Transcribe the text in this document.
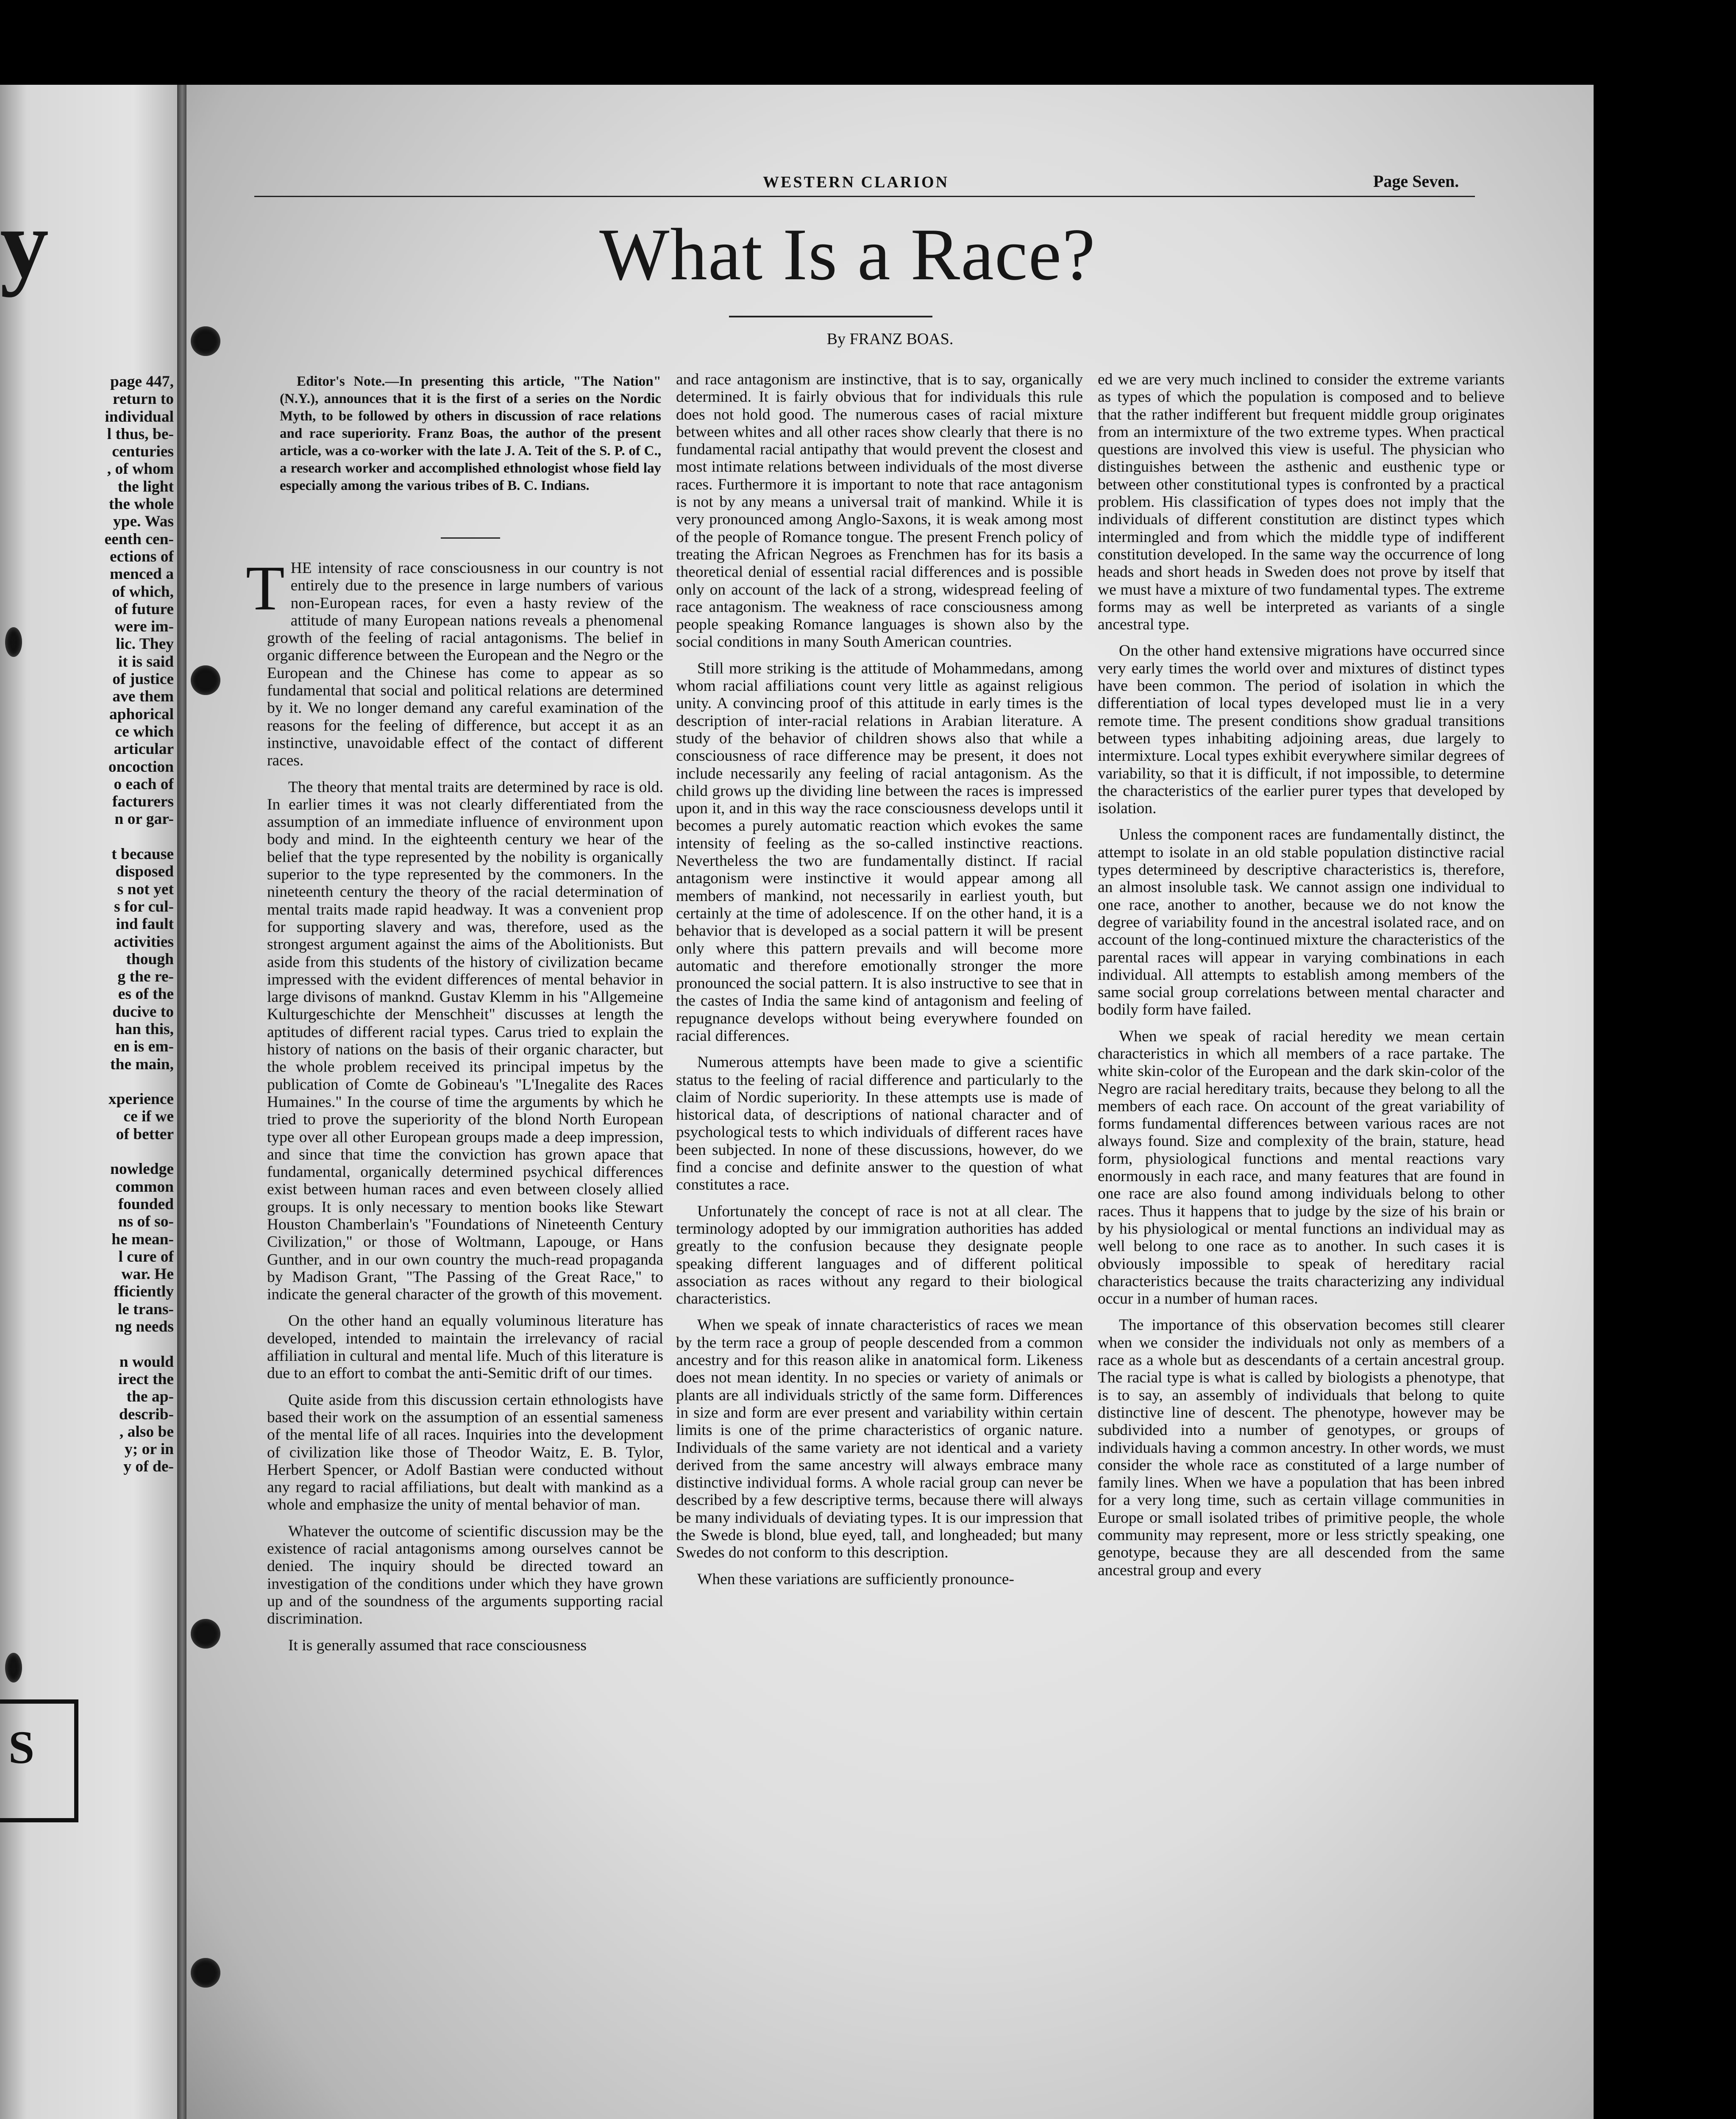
y
page 447,
return to
individual
l thus, be-
centuries
, of whom
the light
the whole
ype. Was
eenth cen-
ections of
menced a
of which,
of future
were im-
lic. They
it is said
of justice
ave them
aphorical
ce which
articular
oncoction
o each of
facturers
n or gar-
t because
disposed
s not yet
s for cul-
ind fault
activities
though
g the re-
es of the
ducive to
han this,
en is em-
the main,
xperience
ce if we
of better
nowledge
common
founded
ns of so-
he mean-
l cure of
war. He
fficiently
le trans-
ng needs
n would
irect the
the ap-
describ-
, also be
y; or in
y of de-
S
WESTERN CLARION	Page Seven.
What Is a Race?
By FRANZ BOAS.

Editor's Note.—In presenting this article, "The Nation" (N.Y.), announces that it is the first of a series on the Nordic Myth, to be followed by others in discussion of race relations and race superiority. Franz Boas, the author of the present article, was a co-worker with the late J. A. Teit of the S. P. of C., a research worker and accomplished ethnologist whose field lay especially among the various tribes of B. C. Indians.

THE intensity of race consciousness in our country is not entirely due to the presence in large numbers of various non-European races, for even a hasty review of the attitude of many European nations reveals a phenomenal growth of the feeling of racial antagonisms. The belief in organic difference between the European and the Negro or the European and the Chinese has come to appear as so fundamental that social and political relations are determined by it. We no longer demand any careful examination of the reasons for the feeling of difference, but accept it as an instinctive, unavoidable effect of the contact of different races.

The theory that mental traits are determined by race is old. In earlier times it was not clearly differentiated from the assumption of an immediate influence of environment upon body and mind. In the eighteenth century we hear of the belief that the type represented by the nobility is organically superior to the type represented by the commoners. In the nineteenth century the theory of the racial determination of mental traits made rapid headway. It was a convenient prop for supporting slavery and was, therefore, used as the strongest argument against the aims of the Abolitionists. But aside from this students of the history of civilization became impressed with the evident differences of mental behavior in large divisons of manknd. Gustav Klemm in his "Allgemeine Kulturgeschichte der Menschheit" discusses at length the aptitudes of different racial types. Carus tried to explain the history of nations on the basis of their organic character, but the whole problem received its principal impetus by the publication of Comte de Gobineau's "L'Inegalite des Races Humaines." In the course of time the arguments by which he tried to prove the superiority of the blond North European type over all other European groups made a deep impression, and since that time the conviction has grown apace that fundamental, organically determined psychical differences exist between human races and even between closely allied groups. It is only necessary to mention books like Stewart Houston Chamberlain's "Foundations of Nineteenth Century Civilization," or those of Woltmann, Lapouge, or Hans Gunther, and in our own country the much-read propaganda by Madison Grant, "The Passing of the Great Race," to indicate the general character of the growth of this movement.

On the other hand an equally voluminous literature has developed, intended to maintain the irrelevancy of racial affiliation in cultural and mental life. Much of this literature is due to an effort to combat the anti-Semitic drift of our times.

Quite aside from this discussion certain ethnologists have based their work on the assumption of an essential sameness of the mental life of all races. Inquiries into the development of civilization like those of Theodor Waitz, E. B. Tylor, Herbert Spencer, or Adolf Bastian were conducted without any regard to racial affiliations, but dealt with mankind as a whole and emphasize the unity of mental behavior of man.

Whatever the outcome of scientific discussion may be the existence of racial antagonisms among ourselves cannot be denied. The inquiry should be directed toward an investigation of the conditions under which they have grown up and of the soundness of the arguments supporting racial discrimination.

It is generally assumed that race consciousness

and race antagonism are instinctive, that is to say, organically determined. It is fairly obvious that for individuals this rule does not hold good. The numerous cases of racial mixture between whites and all other races show clearly that there is no fundamental racial antipathy that would prevent the closest and most intimate relations between individuals of the most diverse races. Furthermore it is important to note that race antagonism is not by any means a universal trait of mankind. While it is very pronounced among Anglo-Saxons, it is weak among most of the people of Romance tongue. The present French policy of treating the African Negroes as Frenchmen has for its basis a theoretical denial of essential racial differences and is possible only on account of the lack of a strong, widespread feeling of race antagonism. The weakness of race consciousness among people speaking Romance languages is shown also by the social conditions in many South American countries.

Still more striking is the attitude of Mohammedans, among whom racial affiliations count very little as against religious unity. A convincing proof of this attitude in early times is the description of inter-racial relations in Arabian literature. A study of the behavior of children shows also that while a consciousness of race difference may be present, it does not include necessarily any feeling of racial antagonism. As the child grows up the dividing line between the races is impressed upon it, and in this way the race consciousness develops until it becomes a purely automatic reaction which evokes the same intensity of feeling as the so-called instinctive reactions. Nevertheless the two are fundamentally distinct. If racial antagonism were instinctive it would appear among all members of mankind, not necessarily in earliest youth, but certainly at the time of adolescence. If on the other hand, it is a behavior that is developed as a social pattern it will be present only where this pattern prevails and will become more automatic and therefore emotionally stronger the more pronounced the social pattern. It is also instructive to see that in the castes of India the same kind of antagonism and feeling of repugnance develops without being everywhere founded on racial differences.

Numerous attempts have been made to give a scientific status to the feeling of racial difference and particularly to the claim of Nordic superiority. In these attempts use is made of historical data, of descriptions of national character and of psychological tests to which individuals of different races have been subjected. In none of these discussions, however, do we find a concise and definite answer to the question of what constitutes a race.

Unfortunately the concept of race is not at all clear. The terminology adopted by our immigration authorities has added greatly to the confusion because they designate people speaking different languages and of different political association as races without any regard to their biological characteristics.

When we speak of innate characteristics of races we mean by the term race a group of people descended from a common ancestry and for this reason alike in anatomical form. Likeness does not mean identity. In no species or variety of animals or plants are all individuals strictly of the same form. Differences in size and form are ever present and variability within certain limits is one of the prime characteristics of organic nature. Individuals of the same variety are not identical and a variety derived from the same ancestry will always embrace many distinctive individual forms. A whole racial group can never be described by a few descriptive terms, because there will always be many individuals of deviating types. It is our impression that the Swede is blond, blue eyed, tall, and longheaded; but many Swedes do not conform to this description.

When these variations are sufficiently pronounce-

ed we are very much inclined to consider the extreme variants as types of which the population is composed and to believe that the rather indifferent but frequent middle group originates from an intermixture of the two extreme types. When practical questions are involved this view is useful. The physician who distinguishes between the asthenic and eusthenic type or between other constitutional types is confronted by a practical problem. His classification of types does not imply that the individuals of different constitution are distinct types which intermingled and from which the middle type of indifferent constitution developed. In the same way the occurrence of long heads and short heads in Sweden does not prove by itself that we must have a mixture of two fundamental types. The extreme forms may as well be interpreted as variants of a single ancestral type.

On the other hand extensive migrations have occurred since very early times the world over and mixtures of distinct types have been common. The period of isolation in which the differentiation of local types developed must lie in a very remote time. The present conditions show gradual transitions between types inhabiting adjoining areas, due largely to intermixture. Local types exhibit everywhere similar degrees of variability, so that it is difficult, if not impossible, to determine the characteristics of the earlier purer types that developed by isolation.

Unless the component races are fundamentally distinct, the attempt to isolate in an old stable population distinctive racial types determineed by descriptive characteristics is, therefore, an almost insoluble task. We cannot assign one individual to one race, another to another, because we do not know the degree of variability found in the ancestral isolated race, and on account of the long-continued mixture the characteristics of the parental races will appear in varying combinations in each individual. All attempts to establish among members of the same social group correlations between mental character and bodily form have failed.

When we speak of racial heredity we mean certain characteristics in which all members of a race partake. The white skin-color of the European and the dark skin-color of the Negro are racial hereditary traits, because they belong to all the members of each race. On account of the great variability of forms fundamental differences between various races are not always found. Size and complexity of the brain, stature, head form, physiological functions and mental reactions vary enormously in each race, and many features that are found in one race are also found among individuals belong to other races. Thus it happens that to judge by the size of his brain or by his physiological or mental functions an individual may as well belong to one race as to another. In such cases it is obviously impossible to speak of hereditary racial characteristics because the traits characterizing any individual occur in a number of human races.

The importance of this observation becomes still clearer when we consider the individuals not only as members of a race as a whole but as descendants of a certain ancestral group. The racial type is what is called by biologists a phenotype, that is to say, an assembly of individuals that belong to quite distinctive line of descent. The phenotype, however may be subdivided into a number of genotypes, or groups of individuals having a common ancestry. In other words, we must consider the whole race as constituted of a large number of family lines. When we have a population that has been inbred for a very long time, such as certain village communities in Europe or small isolated tribes of primitive people, the whole community may represent, more or less strictly speaking, one genotype, because they are all descended from the same ancestral group and every
